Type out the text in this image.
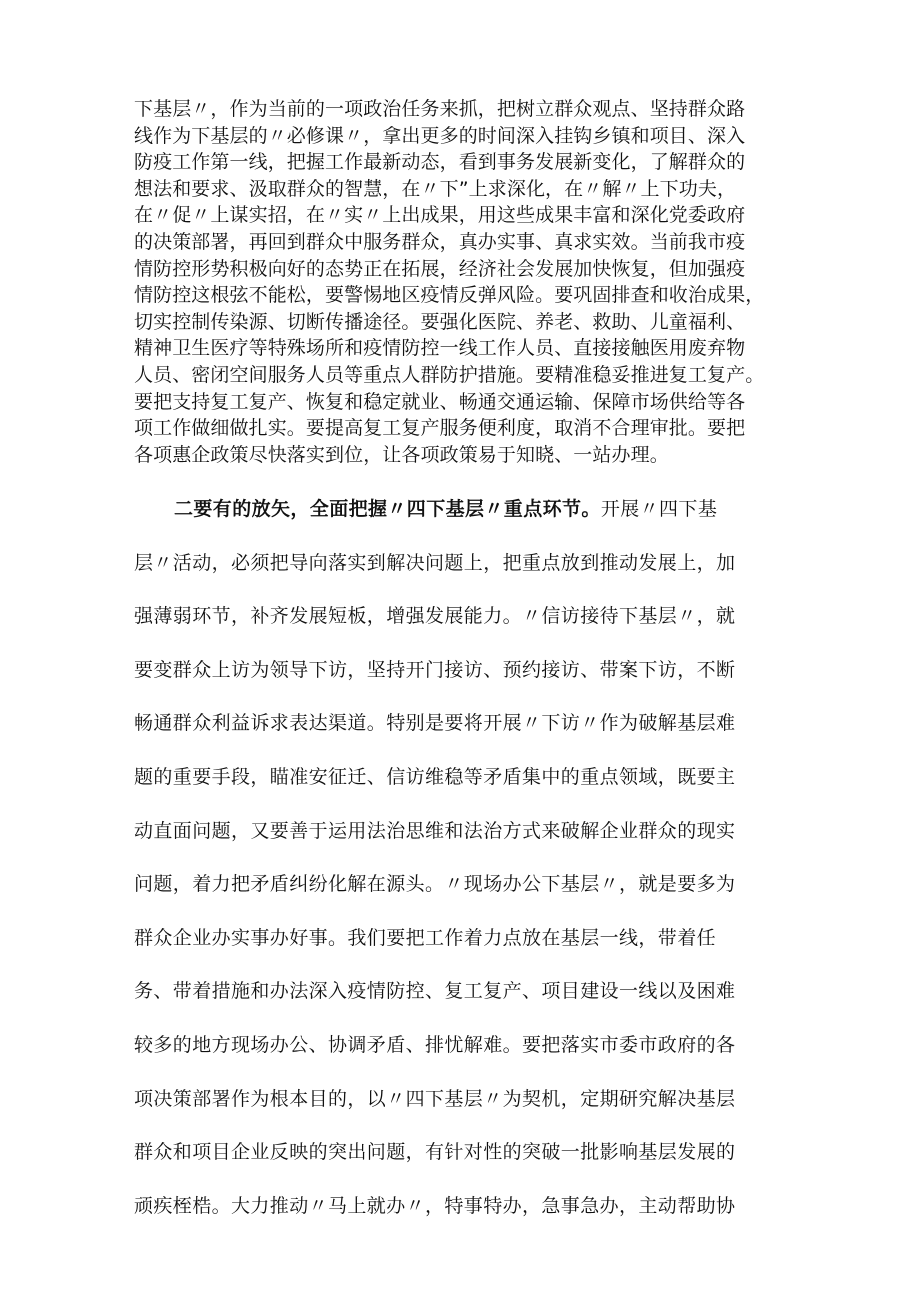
下基层〃，作为当前的一项政治任务来抓，把树立群众观点、坚持群众路
线作为下基层的〃必修课〃，拿出更多的时间深入挂钩乡镇和项目、深入
防疫工作第一线，把握工作最新动态，看到事务发展新变化，了解群众的
想法和要求、汲取群众的智慧，在〃下”上求深化，在〃解〃上下功夫，
在〃促〃上谋实招，在〃实〃上出成果，用这些成果丰富和深化党委政府
的决策部署，再回到群众中服务群众，真办实事、真求实效。当前我市疫
情防控形势积极向好的态势正在拓展，经济社会发展加快恢复，但加强疫
情防控这根弦不能松，要警惕地区疫情反弹风险。要巩固排查和收治成果，
切实控制传染源、切断传播途径。要强化医院、养老、救助、儿童福利、
精神卫生医疗等特殊场所和疫情防控一线工作人员、直接接触医用废弃物
人员、密闭空间服务人员等重点人群防护措施。要精准稳妥推进复工复产。
要把支持复工复产、恢复和稳定就业、畅通交通运输、保障市场供给等各
项工作做细做扎实。要提高复工复产服务便利度，取消不合理审批。要把
各项惠企政策尽快落实到位，让各项政策易于知晓、一站办理。
二要有的放矢，全面把握〃四下基层〃重点环节。开展〃四下基
层〃活动，必须把导向落实到解决问题上，把重点放到推动发展上，加
强薄弱环节，补齐发展短板，增强发展能力。〃信访接待下基层〃，就
要变群众上访为领导下访，坚持开门接访、预约接访、带案下访，不断
畅通群众利益诉求表达渠道。特别是要将开展〃下访〃作为破解基层难
题的重要手段，瞄准安征迁、信访维稳等矛盾集中的重点领域，既要主
动直面问题，又要善于运用法治思维和法治方式来破解企业群众的现实
问题，着力把矛盾纠纷化解在源头。〃现场办公下基层〃，就是要多为
群众企业办实事办好事。我们要把工作着力点放在基层一线，带着任
务、带着措施和办法深入疫情防控、复工复产、项目建设一线以及困难
较多的地方现场办公、协调矛盾、排忧解难。要把落实市委市政府的各
项决策部署作为根本目的，以〃四下基层〃为契机，定期研究解决基层
群众和项目企业反映的突出问题，有针对性的突破一批影响基层发展的
顽疾桎梏。大力推动〃马上就办〃，特事特办，急事急办，主动帮助协
